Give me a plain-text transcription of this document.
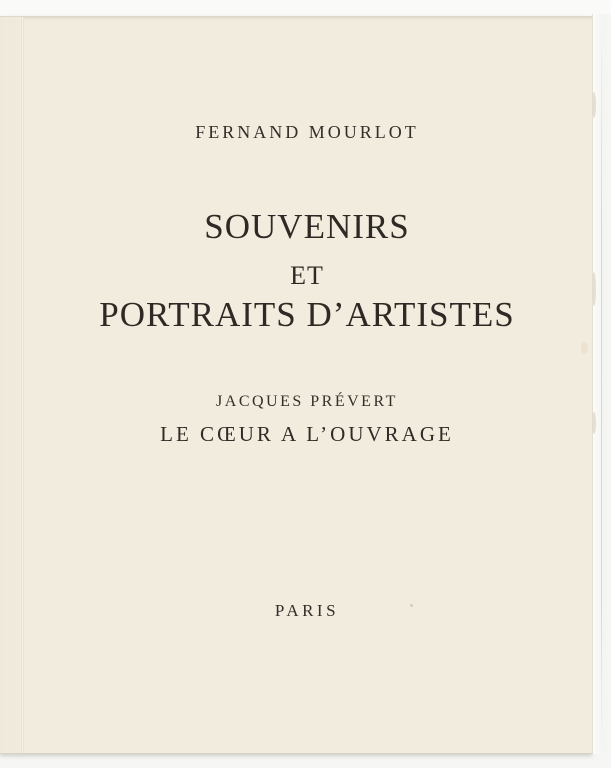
FERNAND MOURLOT
SOUVENIRS
ET
PORTRAITS D’ARTISTES
JACQUES PRÉVERT
LE CŒUR A L’OUVRAGE
PARIS
